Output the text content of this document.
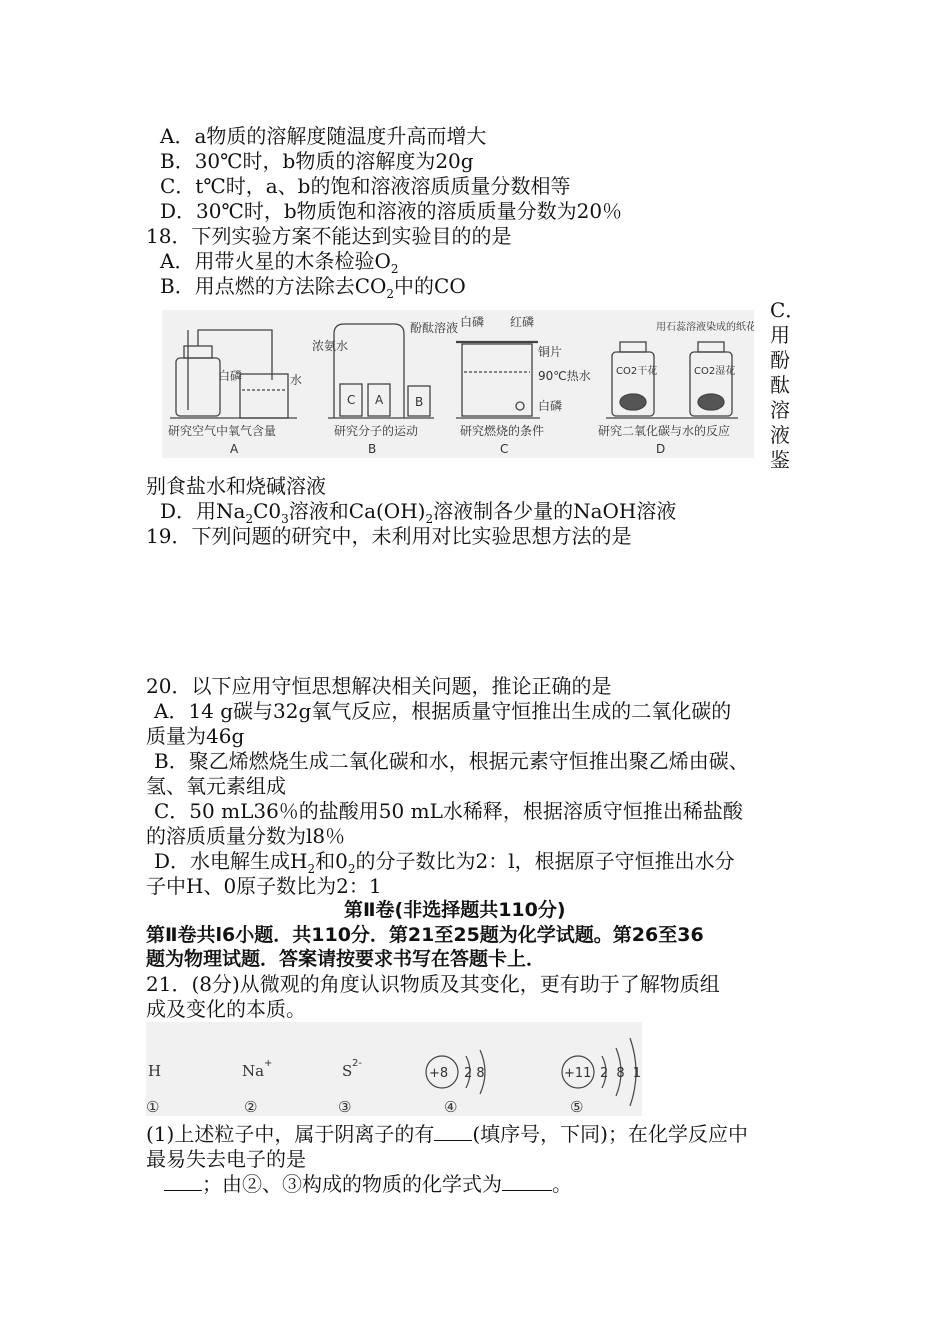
A．a物质的溶解度随温度升高而增大
B．30℃时，b物质的溶解度为20g
C．t℃时，a、b的饱和溶液溶质质量分数相等
D．30℃时，b物质饱和溶液的溶质质量分数为20％
18．下列实验方案不能达到实验目的的是
A．用带火星的木条检验$O_2$
B．用点燃的方法除去$CO_2$中的CO
白磷	水
研究空气中氧气含量
A
浓氨水
酚酞溶液
C A	B
研究分子的运动
B
白磷 红磷
铜片
90℃热水
白磷
研究燃烧的条件
C
用石蕊溶液染成的纸花
CO2干花	CO2湿花
研究二氧化碳与水的反应
D
C．
用
酚
酞
溶
液
鉴
别食盐水和烧碱溶液
D．用$Na_2C0_3$溶液和$Ca(OH)_2$溶液制各少量的NaOH溶液
19．下列问题的研究中，未利用对比实验思想方法的是
20．以下应用守恒思想解决相关问题，推论正确的是
A．14 g碳与32g氧气反应，根据质量守恒推出生成的二氧化碳的
质量为46g
B．聚乙烯燃烧生成二氧化碳和水，根据元素守恒推出聚乙烯由碳、
氢、氧元素组成
C．50 mL36％的盐酸用50 mL水稀释，根据溶质守恒推出稀盐酸
的溶质质量分数为l8％
D．水电解生成$H_2$和$0_2$的分子数比为2：l，根据原子守恒推出水分
子中H、0原子数比为2：1
第Ⅱ卷(非选择题共110分)
第Ⅱ卷共l6小题．共110分．第21至25题为化学试题。第26至36
题为物理试题．答案请按要求书写在答题卡上．
21．(8分)从微观的角度认识物质及其变化，更有助于了解物质组
成及变化的本质。
H	Na +	S 2-
+8 2 8	+11 2 8 1
①	②	③	④	⑤
(1)上述粒子中，属于阴离子的有 (填序号，下同)；在化学反应中
最易失去电子的是
；由②、③构成的物质的化学式为	。
